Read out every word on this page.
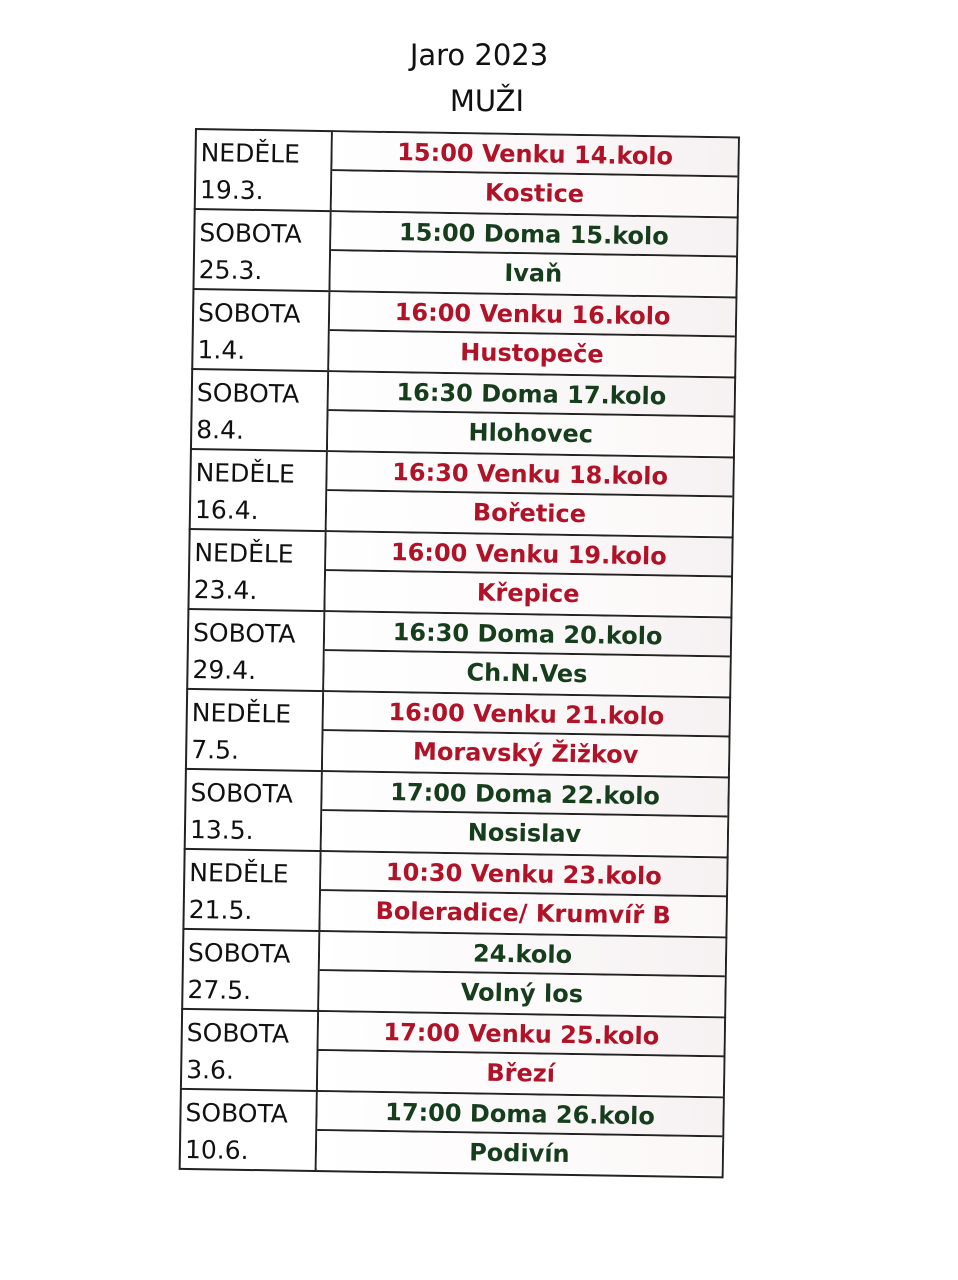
Jaro 2023
MUŽI
NEDĚLE
19.3.
15:00 Venku 14.kolo
Kostice
SOBOTA
25.3.
15:00 Doma 15.kolo
Ivaň
SOBOTA
1.4.
16:00 Venku 16.kolo
Hustopeče
SOBOTA
8.4.
16:30 Doma 17.kolo
Hlohovec
NEDĚLE
16.4.
16:30 Venku 18.kolo
Bořetice
NEDĚLE
23.4.
16:00 Venku 19.kolo
Křepice
SOBOTA
29.4.
16:30 Doma 20.kolo
Ch.N.Ves
NEDĚLE
7.5.
16:00 Venku 21.kolo
Moravský Žižkov
SOBOTA
13.5.
17:00 Doma 22.kolo
Nosislav
NEDĚLE
21.5.
10:30 Venku 23.kolo
Boleradice/ Krumvíř B
SOBOTA
27.5.
24.kolo
Volný los
SOBOTA
3.6.
17:00 Venku 25.kolo
Březí
SOBOTA
10.6.
17:00 Doma 26.kolo
Podivín
